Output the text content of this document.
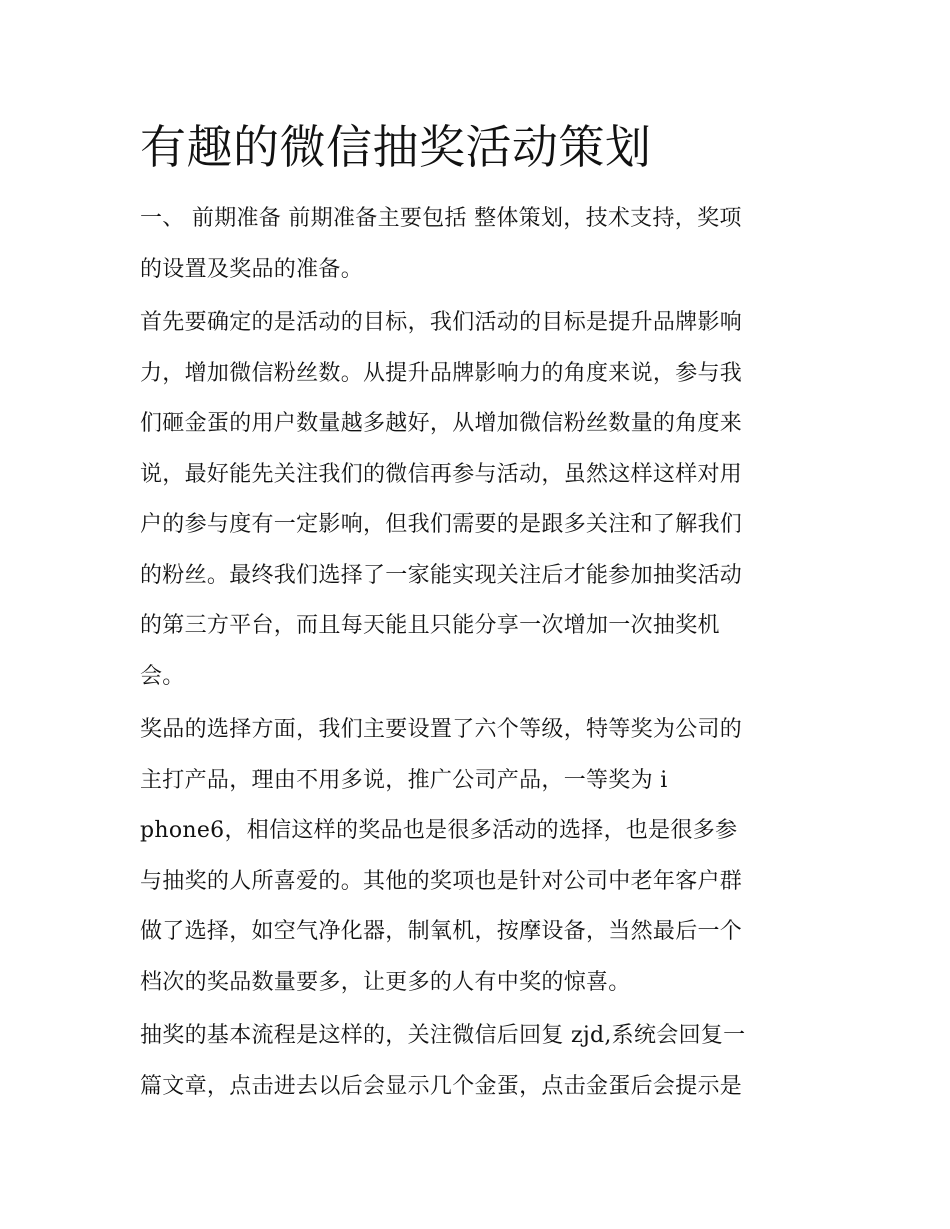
有趣的微信抽奖活动策划

一、 前期准备 前期准备主要包括 整体策划，技术支持，奖项
的设置及奖品的准备。

首先要确定的是活动的目标，我们活动的目标是提升品牌影响
力，增加微信粉丝数。从提升品牌影响力的角度来说，参与我
们砸金蛋的用户数量越多越好，从增加微信粉丝数量的角度来
说，最好能先关注我们的微信再参与活动，虽然这样这样对用
户的参与度有一定影响，但我们需要的是跟多关注和了解我们
的粉丝。最终我们选择了一家能实现关注后才能参加抽奖活动
的第三方平台，而且每天能且只能分享一次增加一次抽奖机
会。

奖品的选择方面，我们主要设置了六个等级，特等奖为公司的
主打产品，理由不用多说，推广公司产品，一等奖为 i
phone6，相信这样的奖品也是很多活动的选择，也是很多参
与抽奖的人所喜爱的。其他的奖项也是针对公司中老年客户群
做了选择，如空气净化器，制氧机，按摩设备，当然最后一个
档次的奖品数量要多，让更多的人有中奖的惊喜。

抽奖的基本流程是这样的，关注微信后回复 zjd,系统会回复一
篇文章，点击进去以后会显示几个金蛋，点击金蛋后会提示是
